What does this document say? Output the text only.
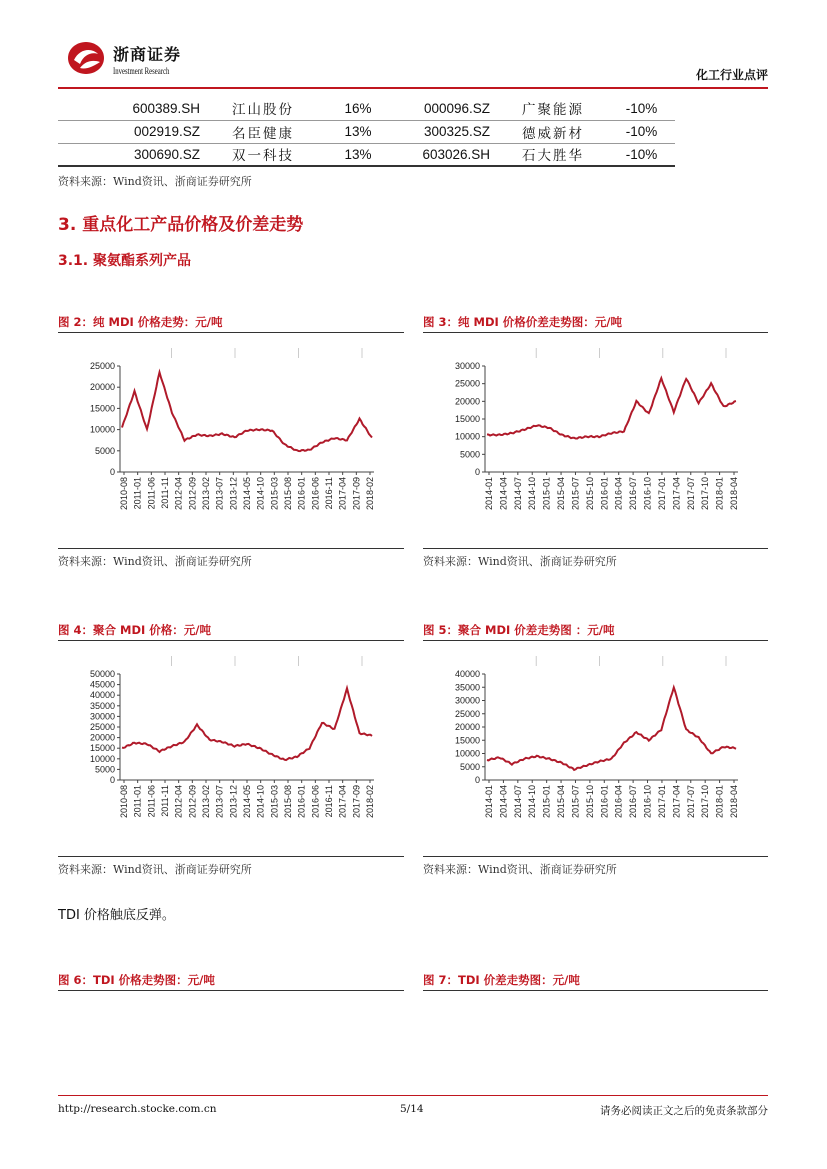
浙商证券
Investment Research	化工行业点评
600389.SH	江山股份	16%	000096.SZ	广聚能源	-10%
002919.SZ	名臣健康	13%	300325.SZ	德威新材	-10%
300690.SZ	双一科技	13%	603026.SH	石大胜华	-10%
资料来源：Wind资讯、浙商证券研究所
3. 重点化工产品价格及价差走势
3.1. 聚氨酯系列产品
图 2：纯 MDI 价格走势：元/吨
0
5000
10000
15000
20000
25000
2010-08 2011-01 2011-06 2011-11 2012-04 2012-09 2013-02 2013-07 2013-12 2014-05 2014-10 2015-03 2015-08 2016-01 2016-06 2016-11 2017-04 2017-09 2018-02
资料来源：Wind资讯、浙商证券研究所
图 3：纯 MDI 价格价差走势图：元/吨
0
5000
10000
15000
20000
25000
30000
2014-01 2014-04 2014-07 2014-10 2015-01 2015-04 2015-07 2015-10 2016-01 2016-04 2016-07 2016-10 2017-01 2017-04 2017-07 2017-10 2018-01 2018-04
资料来源：Wind资讯、浙商证券研究所
图 4：聚合 MDI 价格：元/吨
0
5000
10000
15000
20000
25000
30000
35000
40000
45000
50000
2010-08 2011-01 2011-06 2011-11 2012-04 2012-09 2013-02 2013-07 2013-12 2014-05 2014-10 2015-03 2015-08 2016-01 2016-06 2016-11 2017-04 2017-09 2018-02
资料来源：Wind资讯、浙商证券研究所
图 5：聚合 MDI 价差走势图 ：元/吨
0
5000
10000
15000
20000
25000
30000
35000
40000
2014-01 2014-04 2014-07 2014-10 2015-01 2015-04 2015-07 2015-10 2016-01 2016-04 2016-07 2016-10 2017-01 2017-04 2017-07 2017-10 2018-01 2018-04
资料来源：Wind资讯、浙商证券研究所
TDI 价格触底反弹。
图 6：TDI 价格走势图：元/吨	图 7：TDI 价差走势图：元/吨
http://research.stocke.com.cn	5/14	请务必阅读正文之后的免责条款部分
